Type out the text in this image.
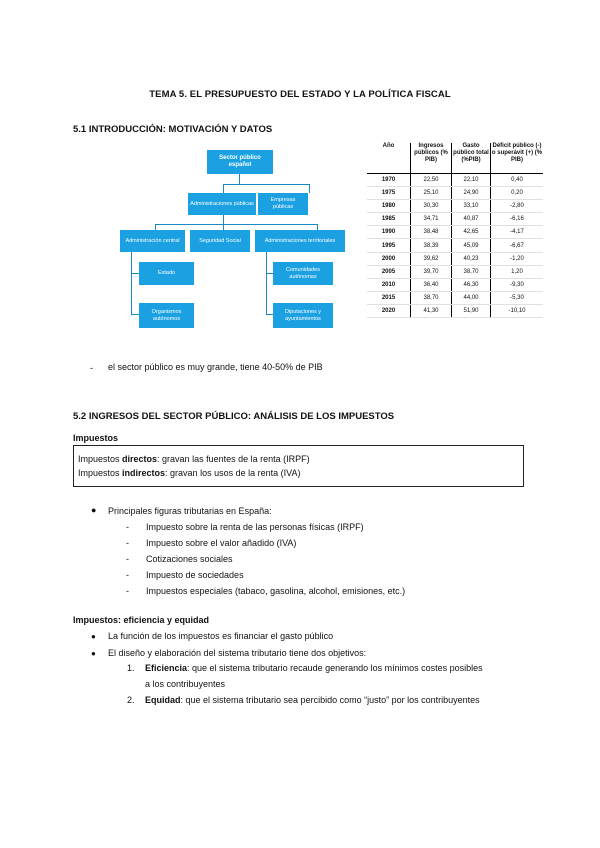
TEMA 5. EL PRESUPUESTO DEL ESTADO Y LA POLÍTICA FISCAL
5.1 INTRODUCCIÓN: MOTIVACIÓN Y DATOS
Sector público español
Administraciones públicas
Empresas públicas
Administración central	Seguridad Social	Administraciones territoriales
Estado
Organismos autónomos
Comunidades autónomas
Diputaciones y ayuntamientos
Año	Ingresos públicos (% PIB)	Gasto público total (%PIB)	Déficit público (-) o superávit (+) (% PIB)
1970	22,50	22,10	0,40
1975	25,10	24,90	0,20
1980	30,30	33,10	-2,80
1985	34,71	40,87	-6,16
1990	38,48	42,65	-4,17
1995	38,39	45,09	-6,67
2000	39,62	40,23	-1,20
2005	39,70	38,70	1,20
2010	36,40	46,30	-9,30
2015	38,70	44,00	-5,30
2020	41,30	51,90	-10,10
- el sector público es muy grande, tiene 40-50% de PIB
5.2 INGRESOS DEL SECTOR PÚBLICO: ANÁLISIS DE LOS IMPUESTOS
Impuestos
Impuestos directos: gravan las fuentes de la renta (IRPF)
Impuestos indirectos: gravan los usos de la renta (IVA)
● Principales figuras tributarias en España:
- Impuesto sobre la renta de las personas físicas (IRPF)
- Impuesto sobre el valor añadido (IVA)
- Cotizaciones sociales
- Impuesto de sociedades
- Impuestos especiales (tabaco, gasolina, alcohol, emisiones, etc.)
Impuestos: eficiencia y equidad
● La función de los impuestos es financiar el gasto público
● El diseño y elaboración del sistema tributario tiene dos objetivos:
1. Eficiencia: que el sistema tributario recaude generando los mínimos costes posibles
a los contribuyentes
2. Equidad: que el sistema tributario sea percibido como “justo” por los contribuyentes
